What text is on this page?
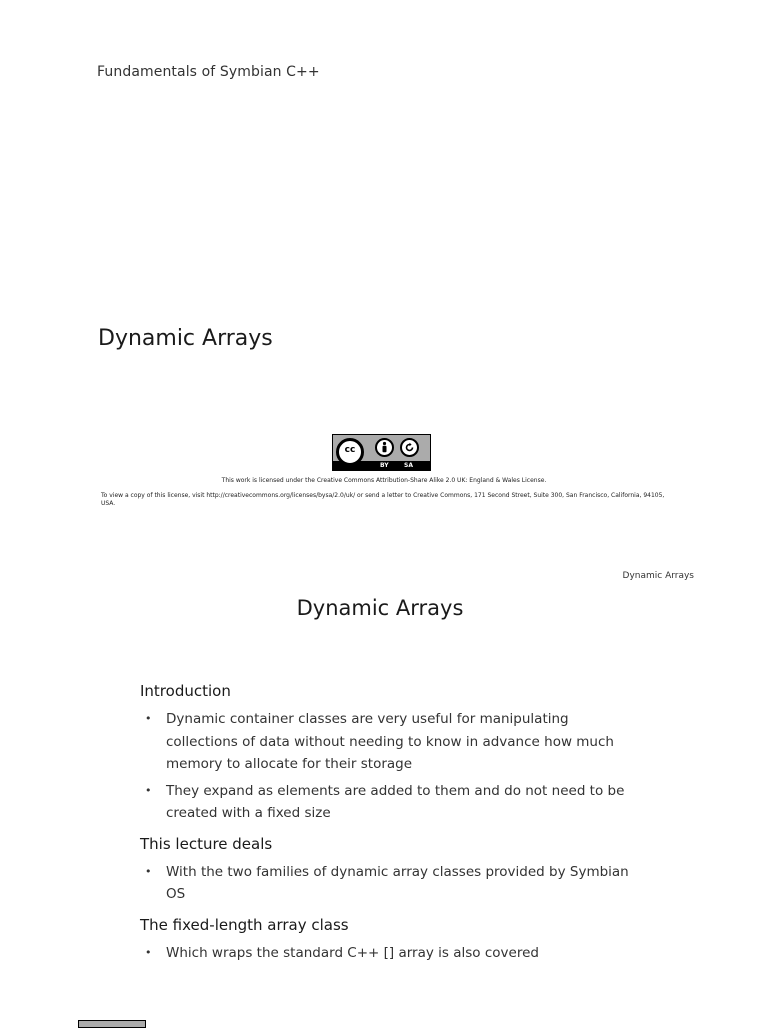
Fundamentals of Symbian C++
Dynamic Arrays
cc
BY	SA
This work is licensed under the Creative Commons Attribution-Share Alike 2.0 UK: England & Wales License.
To view a copy of this license, visit http://creativecommons.org/licenses/bysa/2.0/uk/ or send a letter to Creative Commons, 171 Second Street, Suite 300, San Francisco, California, 94105, USA.
Dynamic Arrays
Dynamic Arrays
Introduction
• Dynamic container classes are very useful for manipulating collections of data without needing to know in advance how much memory to allocate for their storage
• They expand as elements are added to them and do not need to be created with a fixed size
This lecture deals
• With the two families of dynamic array classes provided by Symbian OS
The fixed-length array class
• Which wraps the standard C++ [] array is also covered
